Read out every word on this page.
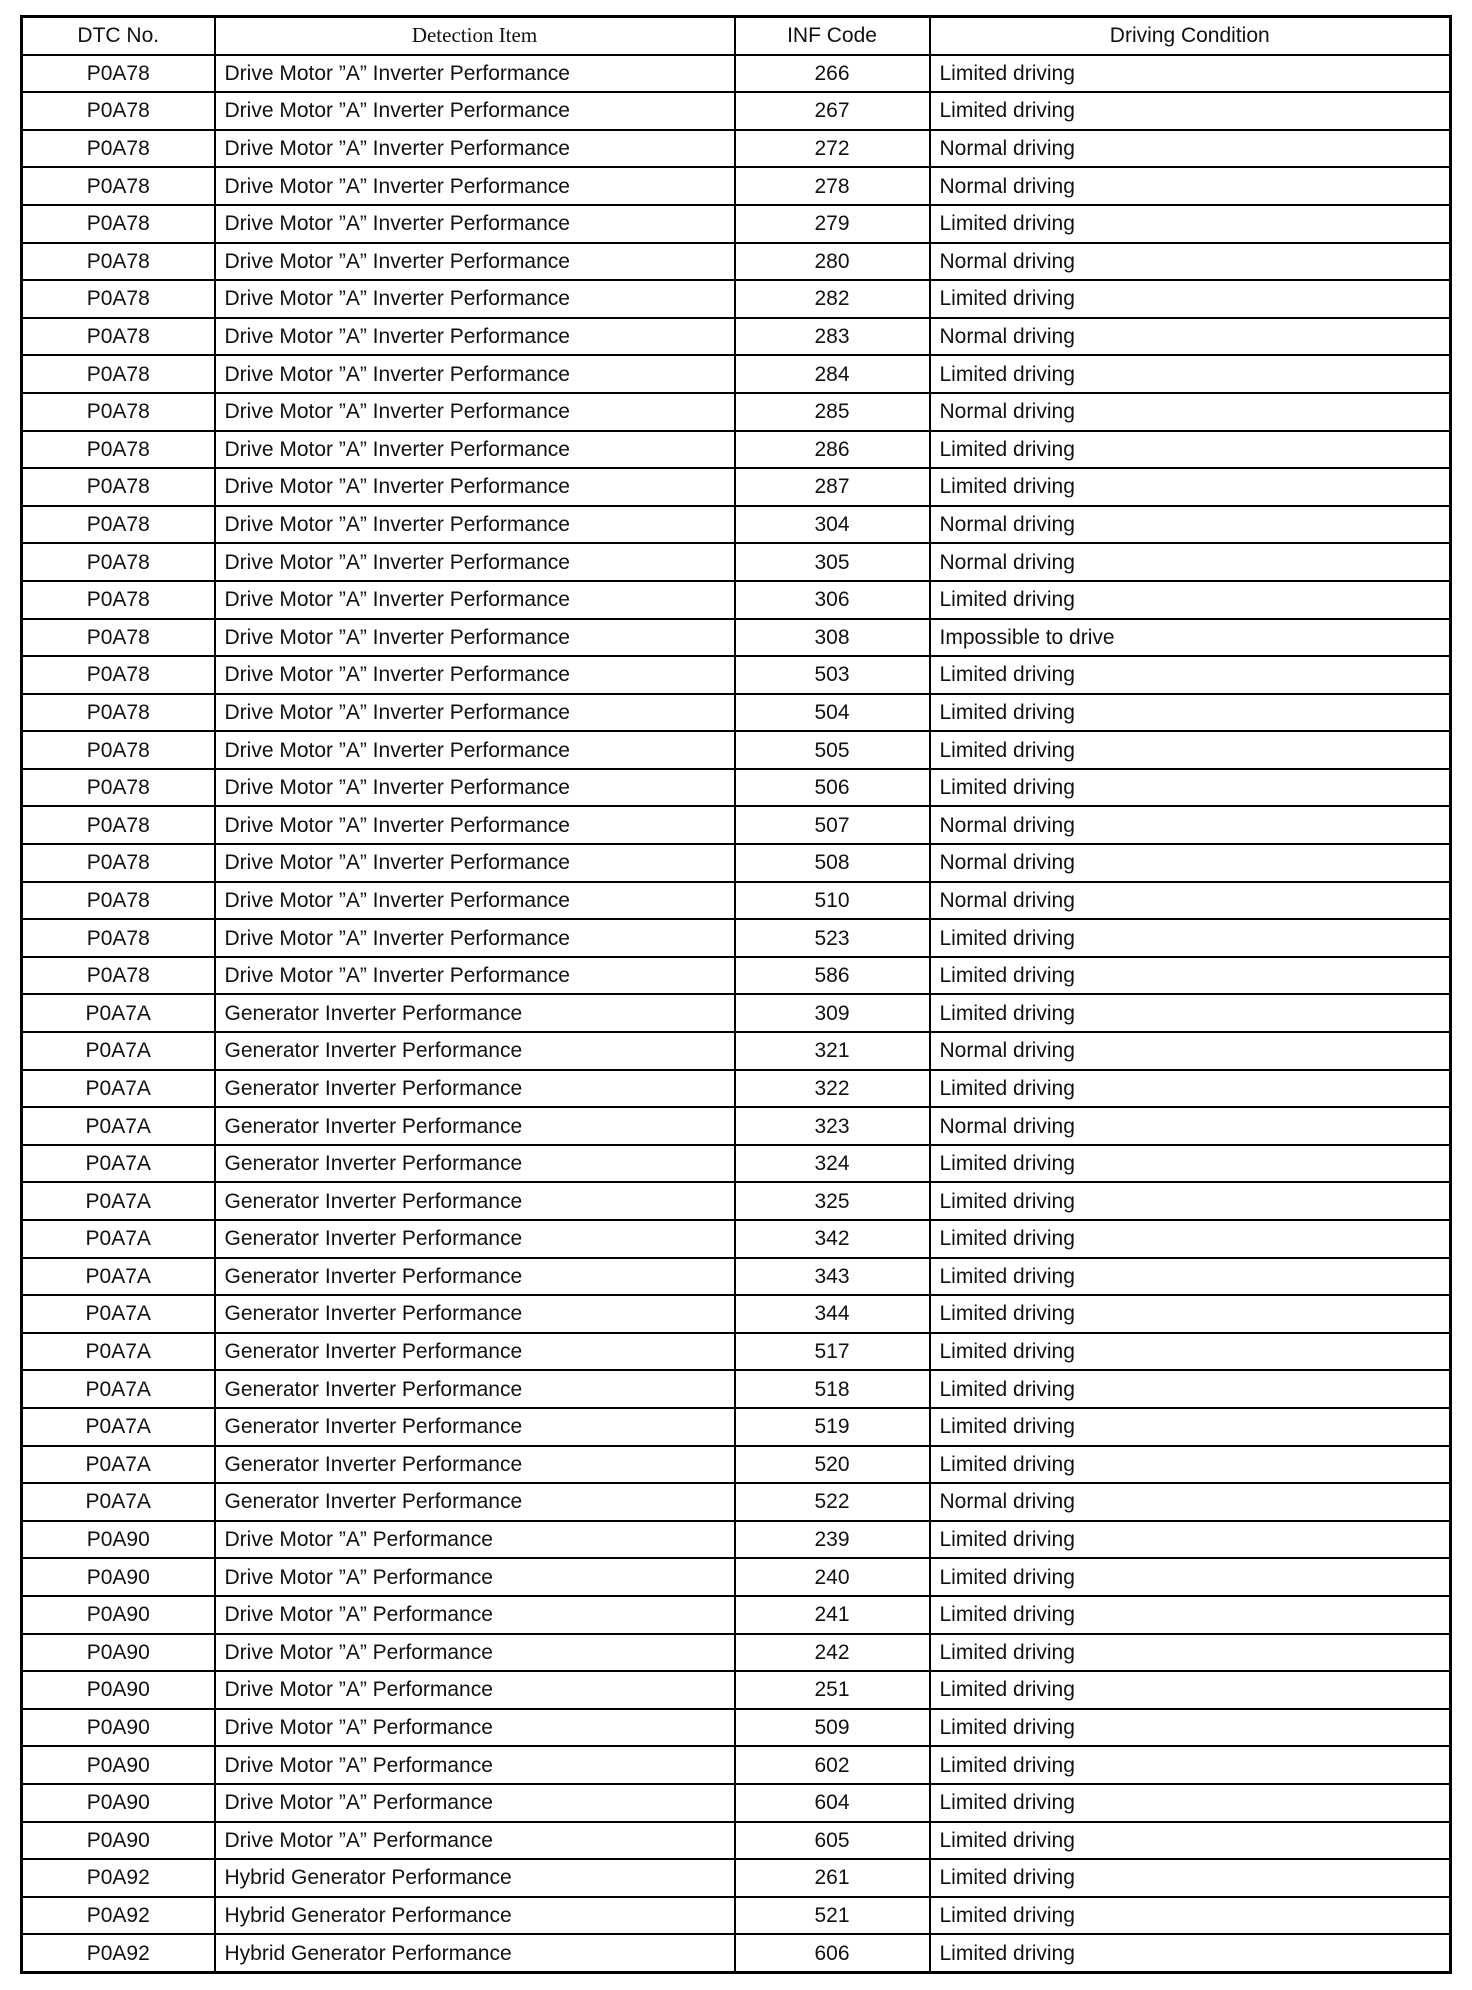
DTC No.	Detection Item	INF Code	Driving Condition
P0A78	Drive Motor ”A” Inverter Performance	266	Limited driving
P0A78	Drive Motor ”A” Inverter Performance	267	Limited driving
P0A78	Drive Motor ”A” Inverter Performance	272	Normal driving
P0A78	Drive Motor ”A” Inverter Performance	278	Normal driving
P0A78	Drive Motor ”A” Inverter Performance	279	Limited driving
P0A78	Drive Motor ”A” Inverter Performance	280	Normal driving
P0A78	Drive Motor ”A” Inverter Performance	282	Limited driving
P0A78	Drive Motor ”A” Inverter Performance	283	Normal driving
P0A78	Drive Motor ”A” Inverter Performance	284	Limited driving
P0A78	Drive Motor ”A” Inverter Performance	285	Normal driving
P0A78	Drive Motor ”A” Inverter Performance	286	Limited driving
P0A78	Drive Motor ”A” Inverter Performance	287	Limited driving
P0A78	Drive Motor ”A” Inverter Performance	304	Normal driving
P0A78	Drive Motor ”A” Inverter Performance	305	Normal driving
P0A78	Drive Motor ”A” Inverter Performance	306	Limited driving
P0A78	Drive Motor ”A” Inverter Performance	308	Impossible to drive
P0A78	Drive Motor ”A” Inverter Performance	503	Limited driving
P0A78	Drive Motor ”A” Inverter Performance	504	Limited driving
P0A78	Drive Motor ”A” Inverter Performance	505	Limited driving
P0A78	Drive Motor ”A” Inverter Performance	506	Limited driving
P0A78	Drive Motor ”A” Inverter Performance	507	Normal driving
P0A78	Drive Motor ”A” Inverter Performance	508	Normal driving
P0A78	Drive Motor ”A” Inverter Performance	510	Normal driving
P0A78	Drive Motor ”A” Inverter Performance	523	Limited driving
P0A78	Drive Motor ”A” Inverter Performance	586	Limited driving
P0A7A	Generator Inverter Performance	309	Limited driving
P0A7A	Generator Inverter Performance	321	Normal driving
P0A7A	Generator Inverter Performance	322	Limited driving
P0A7A	Generator Inverter Performance	323	Normal driving
P0A7A	Generator Inverter Performance	324	Limited driving
P0A7A	Generator Inverter Performance	325	Limited driving
P0A7A	Generator Inverter Performance	342	Limited driving
P0A7A	Generator Inverter Performance	343	Limited driving
P0A7A	Generator Inverter Performance	344	Limited driving
P0A7A	Generator Inverter Performance	517	Limited driving
P0A7A	Generator Inverter Performance	518	Limited driving
P0A7A	Generator Inverter Performance	519	Limited driving
P0A7A	Generator Inverter Performance	520	Limited driving
P0A7A	Generator Inverter Performance	522	Normal driving
P0A90	Drive Motor ”A” Performance	239	Limited driving
P0A90	Drive Motor ”A” Performance	240	Limited driving
P0A90	Drive Motor ”A” Performance	241	Limited driving
P0A90	Drive Motor ”A” Performance	242	Limited driving
P0A90	Drive Motor ”A” Performance	251	Limited driving
P0A90	Drive Motor ”A” Performance	509	Limited driving
P0A90	Drive Motor ”A” Performance	602	Limited driving
P0A90	Drive Motor ”A” Performance	604	Limited driving
P0A90	Drive Motor ”A” Performance	605	Limited driving
P0A92	Hybrid Generator Performance	261	Limited driving
P0A92	Hybrid Generator Performance	521	Limited driving
P0A92	Hybrid Generator Performance	606	Limited driving
